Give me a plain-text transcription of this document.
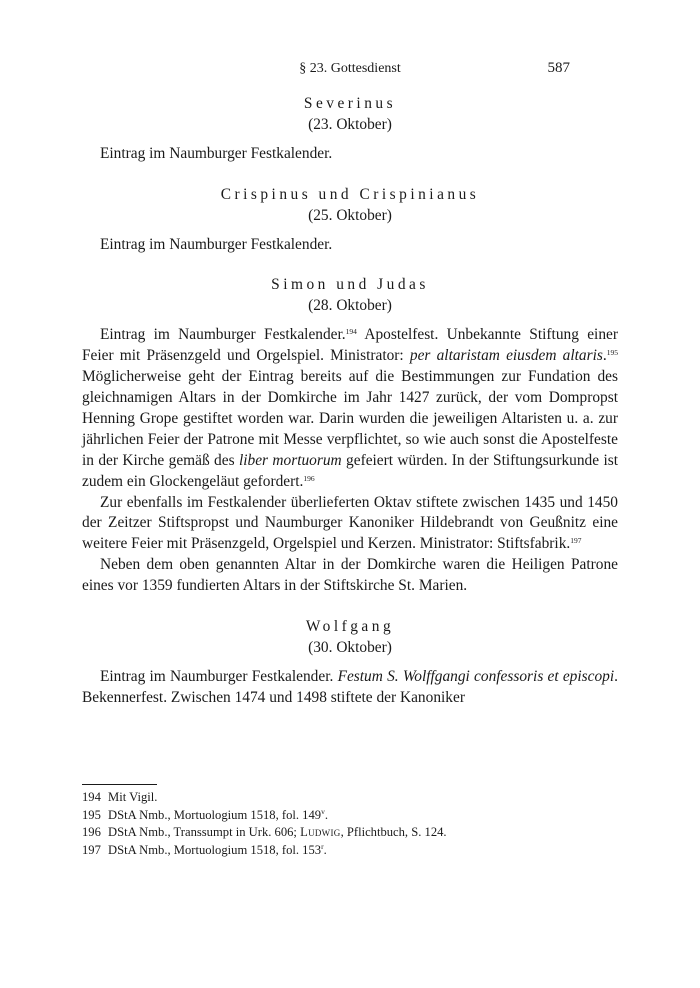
§ 23. Gottesdienst	587
Severinus
(23. Oktober)

Eintrag im Naumburger Festkalender.

Crispinus und Crispinianus
(25. Oktober)

Eintrag im Naumburger Festkalender.

Simon und Judas
(28. Oktober)

Eintrag im Naumburger Festkalender.$^{194}$ Apostelfest. Unbekannte Stiftung einer Feier mit Präsenzgeld und Orgelspiel. Ministrator: per altaristam eiusdem altaris.$^{195}$ Möglicherweise geht der Eintrag bereits auf die Bestimmungen zur Fundation des gleichnamigen Altars in der Domkirche im Jahr 1427 zurück, der vom Dompropst Henning Grope gestiftet worden war. Darin wurden die jeweiligen Altaristen u. a. zur jährlichen Feier der Patrone mit Messe verpflichtet, so wie auch sonst die Apostelfeste in der Kirche gemäß des liber mortuorum gefeiert würden. In der Stiftungsurkunde ist zudem ein Glockengeläut gefordert.$^{196}$

Zur ebenfalls im Festkalender überlieferten Oktav stiftete zwischen 1435 und 1450 der Zeitzer Stiftspropst und Naumburger Kanoniker Hildebrandt von Geußnitz eine weitere Feier mit Präsenzgeld, Orgelspiel und Kerzen. Ministrator: Stiftsfabrik.$^{197}$

Neben dem oben genannten Altar in der Domkirche waren die Heiligen Patrone eines vor 1359 fundierten Altars in der Stiftskirche St. Marien.

Wolfgang
(30. Oktober)

Eintrag im Naumburger Festkalender. Festum S. Wolffgangi confessoris et episcopi. Bekennerfest. Zwischen 1474 und 1498 stiftete der Kanoniker

194 Mit Vigil.
195 DStA Nmb., Mortuologium 1518, fol. 149$^v$.
196 DStA Nmb., Transsumpt in Urk. 606; Ludwig, Pflichtbuch, S. 124.
197 DStA Nmb., Mortuologium 1518, fol. 153$^r$.
